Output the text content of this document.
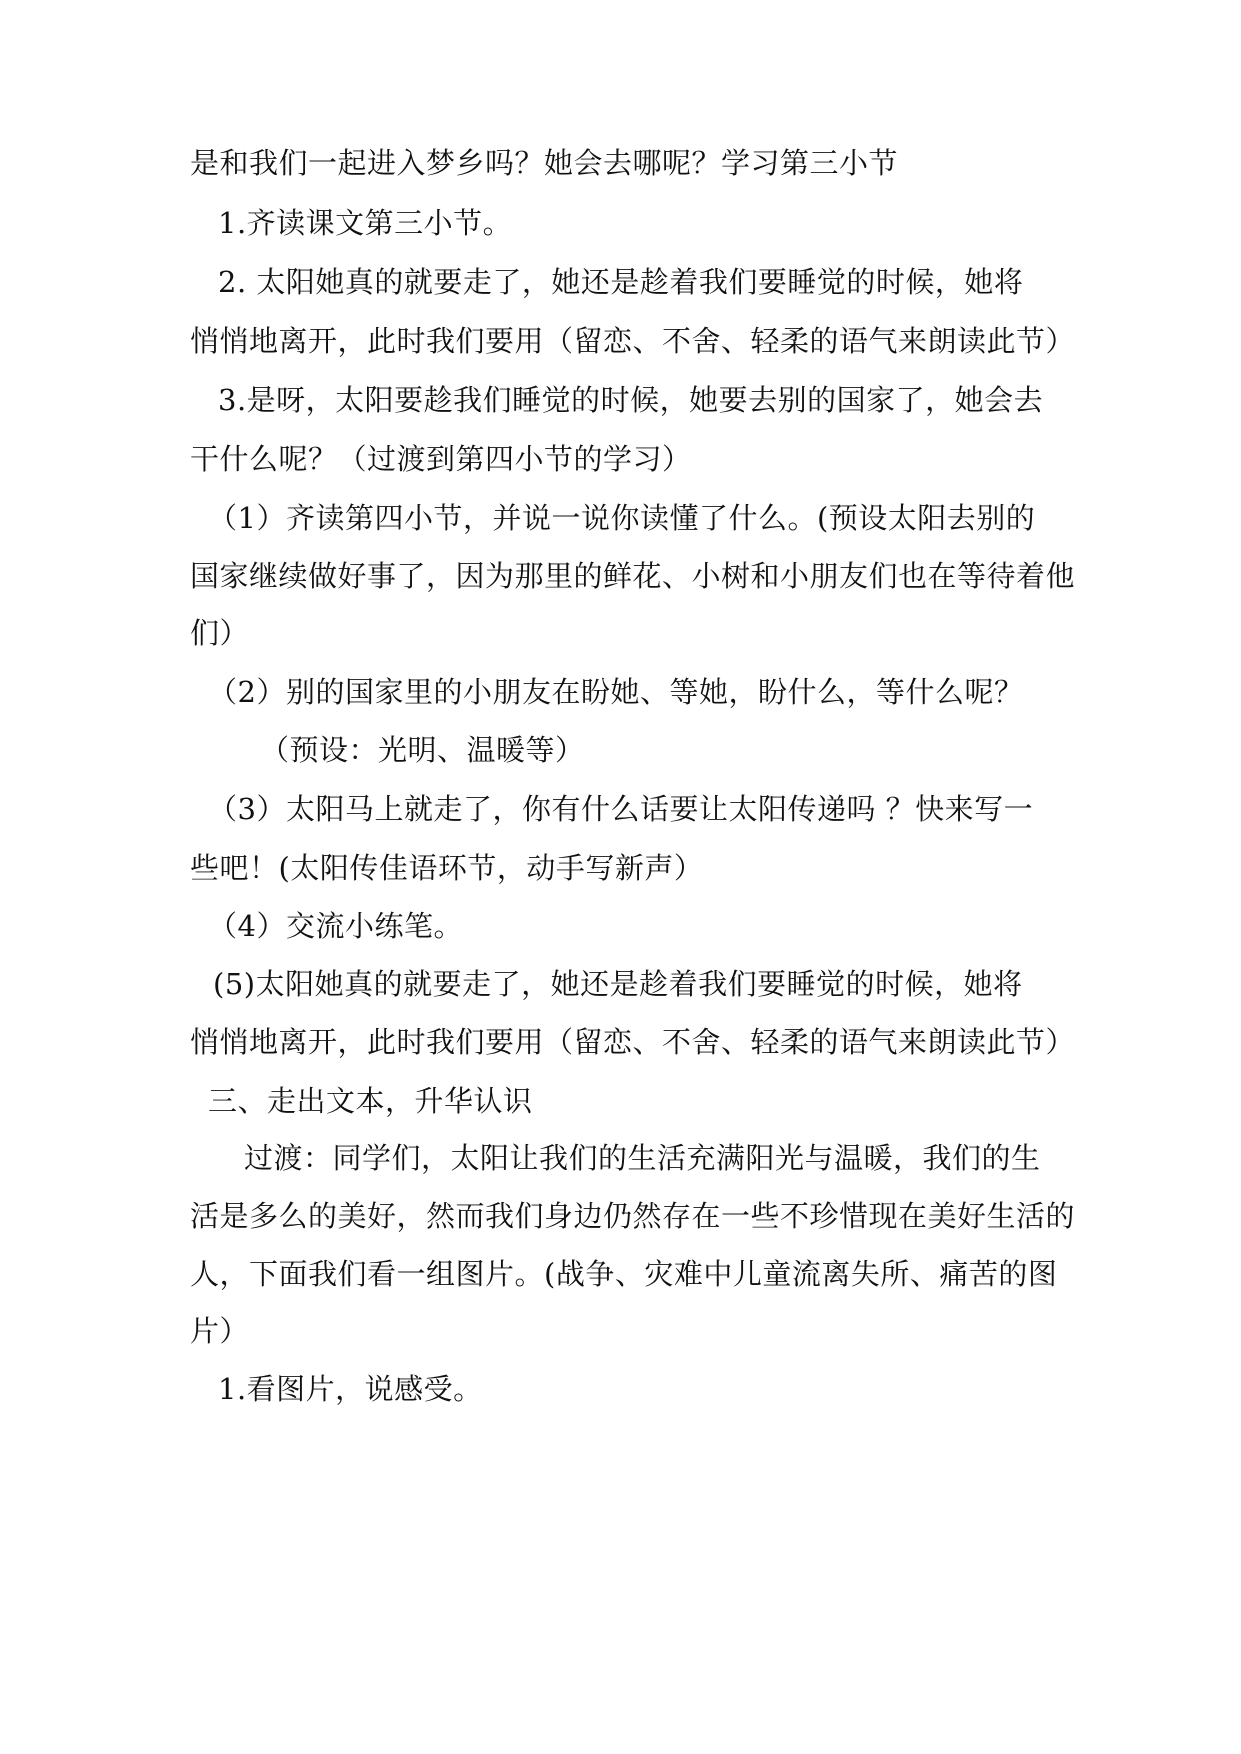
是和我们一起进入梦乡吗？她会去哪呢？学习第三小节
1.齐读课文第三小节。
2. 太阳她真的就要走了，她还是趁着我们要睡觉的时候，她将
悄悄地离开，此时我们要用（留恋、不舍、轻柔的语气来朗读此节）
3.是呀，太阳要趁我们睡觉的时候，她要去别的国家了，她会去
干什么呢？（过渡到第四小节的学习）
（1）齐读第四小节，并说一说你读懂了什么。(预设太阳去别的
国家继续做好事了，因为那里的鲜花、小树和小朋友们也在等待着他
们）
（2）别的国家里的小朋友在盼她、等她，盼什么，等什么呢？
（预设：光明、温暖等）
（3）太阳马上就走了，你有什么话要让太阳传递吗 ？快来写一
些吧！(太阳传佳语环节，动手写新声）
（4）交流小练笔。
(5)太阳她真的就要走了，她还是趁着我们要睡觉的时候，她将
悄悄地离开，此时我们要用（留恋、不舍、轻柔的语气来朗读此节）
三、走出文本，升华认识
过渡：同学们，太阳让我们的生活充满阳光与温暖，我们的生
活是多么的美好，然而我们身边仍然存在一些不珍惜现在美好生活的
人，下面我们看一组图片。(战争、灾难中儿童流离失所、痛苦的图
片）
1.看图片，说感受。
